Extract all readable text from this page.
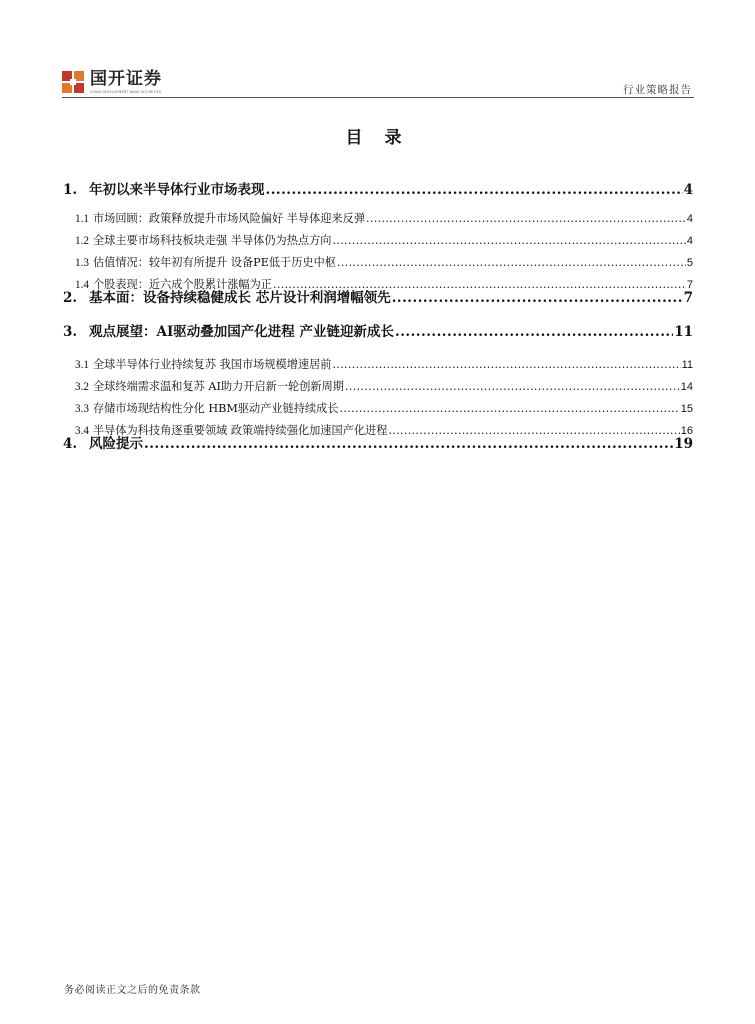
国开证券
CHINA DEVELOPMENT BANK SECURITIES	行业策略报告
目 录
1. 年初以来半导体行业市场表现 .....	4
1.1 市场回顾：政策释放提升市场风险偏好 半导体迎来反弹 .....	4
1.2 全球主要市场科技板块走强 半导体仍为热点方向 .....	4
1.3 估值情况：较年初有所提升 设备PE低于历史中枢 .....	5
1.4 个股表现：近六成个股累计涨幅为正 .....	7
2. 基本面：设备持续稳健成长 芯片设计利润增幅领先 .....	7
3. 观点展望：AI驱动叠加国产化进程 产业链迎新成长 .....	11
3.1 全球半导体行业持续复苏 我国市场规模增速居前 .....	11
3.2 全球终端需求温和复苏 AI助力开启新一轮创新周期 .....	14
3.3 存储市场现结构性分化 HBM驱动产业链持续成长 .....	15
3.4 半导体为科技角逐重要领域 政策端持续强化加速国产化进程 .....	16
4. 风险提示 .....	19
务必阅读正文之后的免责条款
